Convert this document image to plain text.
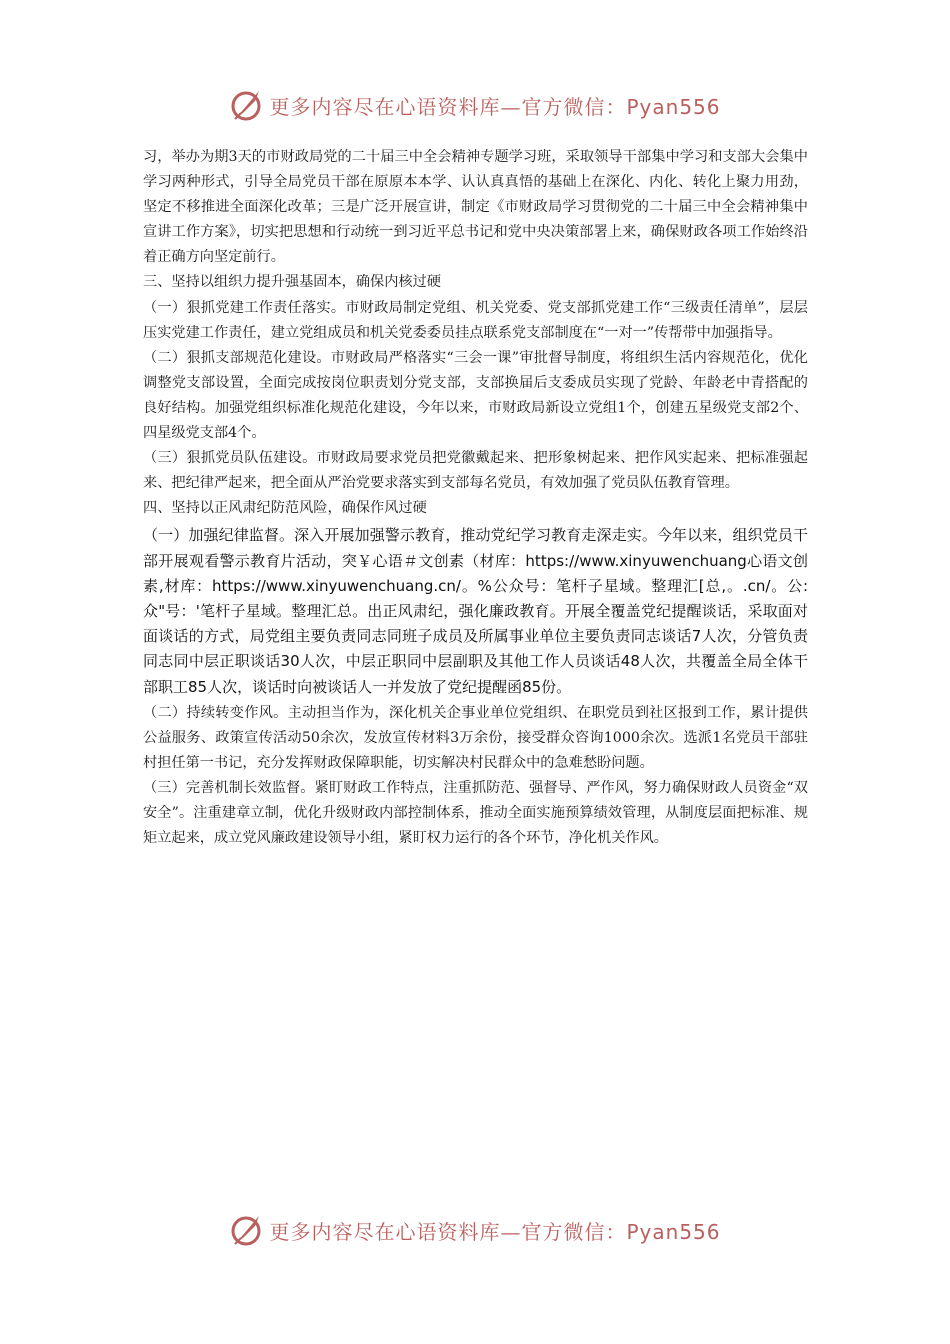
更多内容尽在心语资料库—官方微信：Pyan556

习，举办为期3天的市财政局党的二十届三中全会精神专题学习班，采取领导干部集中学习和支部大会集中学习两种形式，引导全局党员干部在原原本本学、认认真真悟的基础上在深化、内化、转化上聚力用劲，坚定不移推进全面深化改革；三是广泛开展宣讲，制定《市财政局学习贯彻党的二十届三中全会精神集中宣讲工作方案》，切实把思想和行动统一到习近平总书记和党中央决策部署上来，确保财政各项工作始终沿着正确方向坚定前行。

三、坚持以组织力提升强基固本，确保内核过硬

（一）狠抓党建工作责任落实。市财政局制定党组、机关党委、党支部抓党建工作“三级责任清单”，层层压实党建工作责任，建立党组成员和机关党委委员挂点联系党支部制度在“一对一”传帮带中加强指导。

（二）狠抓支部规范化建设。市财政局严格落实“三会一课”审批督导制度，将组织生活内容规范化，优化调整党支部设置，全面完成按岗位职责划分党支部，支部换届后支委成员实现了党龄、年龄老中青搭配的良好结构。加强党组织标准化规范化建设，今年以来，市财政局新设立党组1个，创建五星级党支部2个、四星级党支部4个。

（三）狠抓党员队伍建设。市财政局要求党员把党徽戴起来、把形象树起来、把作风实起来、把标准强起来、把纪律严起来，把全面从严治党要求落实到支部每名党员，有效加强了党员队伍教育管理。

四、坚持以正风肃纪防范风险，确保作风过硬

（一）加强纪律监督。深入开展加强警示教育，推动党纪学习教育走深走实。今年以来，组织党员干部开展观看警示教育片活动，突￥心语＃文创素（材库：https://www.xinyuwenchuang心语文创素,材库：https://www.xinyuwenchuang.cn/。%公众号：笔杆子星域。整理汇[总,。.cn/。公:众"号：'笔杆子星域。整理汇总。出正风肃纪，强化廉政教育。开展全覆盖党纪提醒谈话，采取面对面谈话的方式，局党组主要负责同志同班子成员及所属事业单位主要负责同志谈话7人次，分管负责同志同中层正职谈话30人次，中层正职同中层副职及其他工作人员谈话48人次，共覆盖全局全体干部职工85人次，谈话时向被谈话人一并发放了党纪提醒函85份。

（二）持续转变作风。主动担当作为，深化机关企事业单位党组织、在职党员到社区报到工作，累计提供公益服务、政策宣传活动50余次，发放宣传材料3万余份，接受群众咨询1000余次。选派1名党员干部驻村担任第一书记，充分发挥财政保障职能，切实解决村民群众中的急难愁盼问题。

（三）完善机制长效监督。紧盯财政工作特点，注重抓防范、强督导、严作风，努力确保财政人员资金“双安全”。注重建章立制，优化升级财政内部控制体系，推动全面实施预算绩效管理，从制度层面把标准、规矩立起来，成立党风廉政建设领导小组，紧盯权力运行的各个环节，净化机关作风。

更多内容尽在心语资料库—官方微信：Pyan556
